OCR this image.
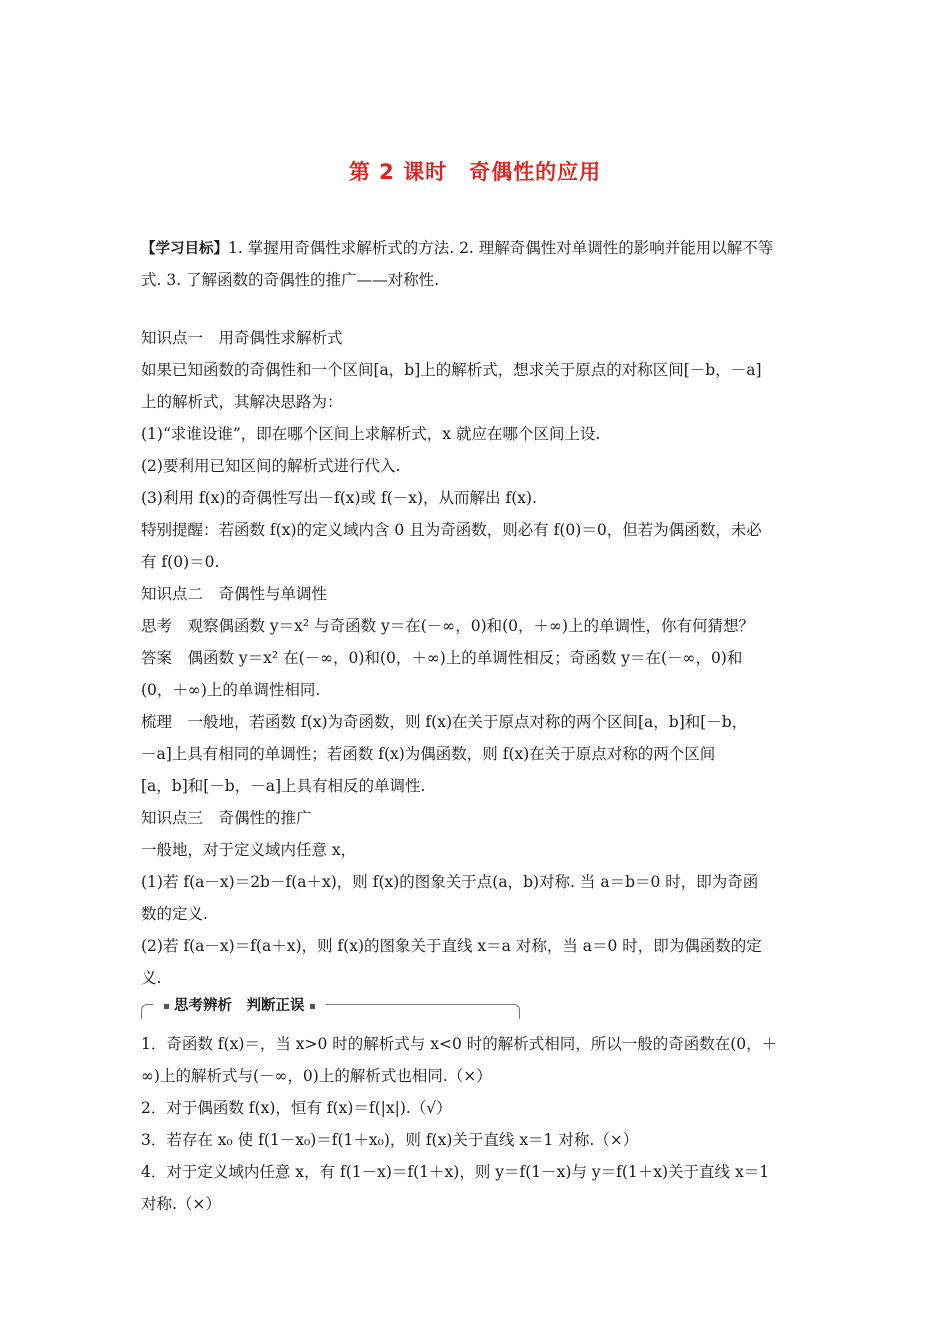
第 2 课时　奇偶性的应用
【学习目标】1. 掌握用奇偶性求解析式的方法. 2. 理解奇偶性对单调性的影响并能用以解不等
式. 3. 了解函数的奇偶性的推广——对称性.
知识点一　用奇偶性求解析式
如果已知函数的奇偶性和一个区间[a，b]上的解析式，想求关于原点的对称区间[－b，－a]
上的解析式，其解决思路为：
(1)“求谁设谁”，即在哪个区间上求解析式，x 就应在哪个区间上设.
(2)要利用已知区间的解析式进行代入.
(3)利用 f(x)的奇偶性写出－f(x)或 f(－x)，从而解出 f(x).
特别提醒：若函数 f(x)的定义域内含 0 且为奇函数，则必有 f(0)＝0，但若为偶函数，未必
有 f(0)＝0.
知识点二　奇偶性与单调性
思考　观察偶函数 y＝x² 与奇函数 y＝在(－∞，0)和(0，＋∞)上的单调性，你有何猜想？
答案　偶函数 y＝x² 在(－∞，0)和(0，＋∞)上的单调性相反；奇函数 y＝在(－∞，0)和
(0，＋∞)上的单调性相同.
梳理　一般地，若函数 f(x)为奇函数，则 f(x)在关于原点对称的两个区间[a，b]和[－b，
－a]上具有相同的单调性；若函数 f(x)为偶函数，则 f(x)在关于原点对称的两个区间
[a，b]和[－b，－a]上具有相反的单调性.
知识点三　奇偶性的推广
一般地，对于定义域内任意 x，
(1)若 f(a－x)＝2b－f(a＋x)，则 f(x)的图象关于点(a，b)对称. 当 a＝b＝0 时，即为奇函
数的定义.
(2)若 f(a－x)＝f(a＋x)，则 f(x)的图象关于直线 x＝a 对称，当 a＝0 时，即为偶函数的定
义.
思考辨析　判断正误
1．奇函数 f(x)＝，当 x>0 时的解析式与 x<0 时的解析式相同，所以一般的奇函数在(0，＋
∞)上的解析式与(－∞，0)上的解析式也相同.（×）
2．对于偶函数 f(x)，恒有 f(x)＝f(|x|).（√）
3．若存在 x₀ 使 f(1－x₀)＝f(1＋x₀)，则 f(x)关于直线 x＝1 对称.（×）
4．对于定义域内任意 x，有 f(1－x)＝f(1＋x)，则 y＝f(1－x)与 y＝f(1＋x)关于直线 x＝1
对称.（×）
